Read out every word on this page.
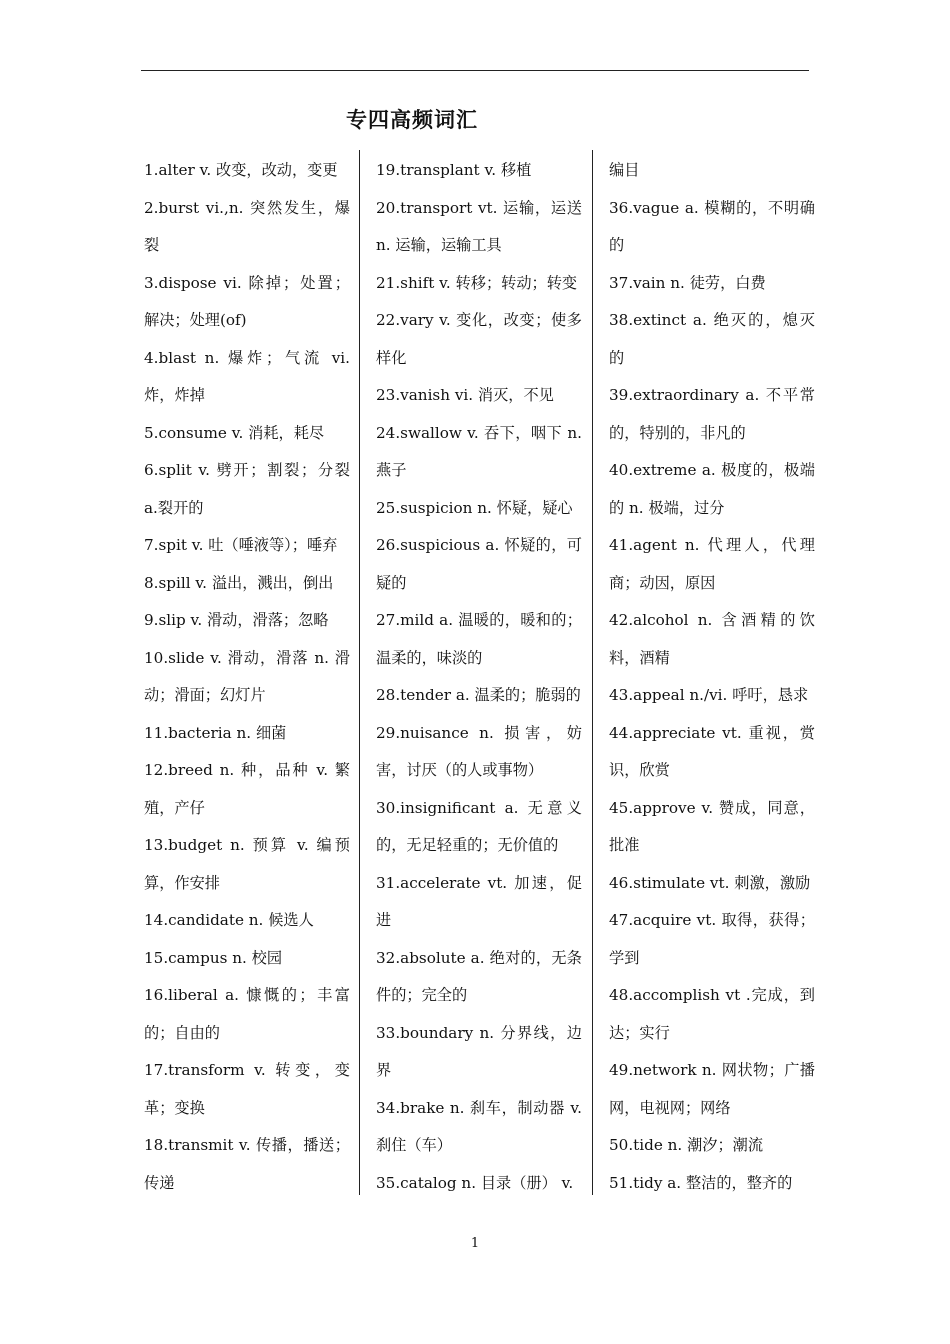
专四高频词汇

1.alter v. 改变，改动，变更

2.burst vi.,n. 突然发生，爆裂

3.dispose vi. 除掉；处置；解决；处理(of)

4.blast n. 爆炸；气流 vi. 炸，炸掉

5.consume v. 消耗，耗尽

6.split v. 劈开；割裂；分裂 a.裂开的

7.spit v. 吐（唾液等）；唾弃

8.spill v. 溢出，溅出，倒出

9.slip v. 滑动，滑落；忽略

10.slide v. 滑动，滑落 n. 滑动；滑面；幻灯片

11.bacteria n. 细菌

12.breed n. 种，品种 v. 繁殖，产仔

13.budget n. 预算 v. 编预算，作安排

14.candidate n. 候选人

15.campus n. 校园

16.liberal a. 慷慨的；丰富的；自由的

17.transform v. 转变，变革；变换

18.transmit v. 传播，播送；传递

19.transplant v. 移植

20.transport vt. 运输，运送 n. 运输，运输工具

21.shift v. 转移；转动；转变

22.vary v. 变化，改变；使多样化

23.vanish vi. 消灭，不见

24.swallow v. 吞下，咽下 n. 燕子

25.suspicion n. 怀疑，疑心

26.suspicious a. 怀疑的，可疑的

27.mild a. 温暖的，暖和的；温柔的，味淡的

28.tender a. 温柔的；脆弱的

29.nuisance n. 损害，妨害，讨厌（的人或事物）

30.insignificant a. 无意义的，无足轻重的；无价值的

31.accelerate vt. 加速，促进

32.absolute a. 绝对的，无条件的；完全的

33.boundary n. 分界线，边界

34.brake n. 刹车，制动器 v. 刹住（车）

35.catalog n. 目录（册） v.

编目

36.vague a. 模糊的，不明确的

37.vain n. 徒劳，白费

38.extinct a. 绝灭的，熄灭的

39.extraordinary a. 不平常的，特别的，非凡的

40.extreme a. 极度的，极端的 n. 极端，过分

41.agent n. 代理人，代理商；动因，原因

42.alcohol n. 含酒精的饮料，酒精

43.appeal n./vi. 呼吁，恳求

44.appreciate vt. 重视，赏识，欣赏

45.approve v. 赞成，同意，批准

46.stimulate vt. 刺激，激励

47.acquire vt. 取得，获得；学到

48.accomplish vt .完成，到达；实行

49.network n. 网状物；广播网，电视网；网络

50.tide n. 潮汐；潮流

51.tidy a. 整洁的，整齐的

1
